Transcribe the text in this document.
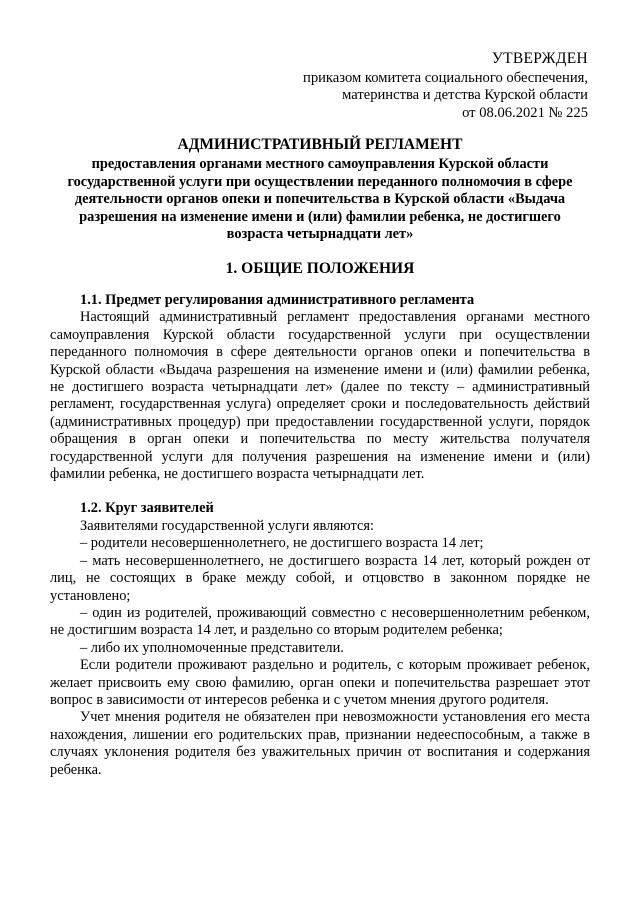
УТВЕРЖДЕН
приказом комитета социального обеспечения,
материнства и детства Курской области
от 08.06.2021 № 225
АДМИНИСТРАТИВНЫЙ РЕГЛАМЕНТ
предоставления органами местного самоуправления Курской области государственной услуги при осуществлении переданного полномочия в сфере деятельности органов опеки и попечительства в Курской области «Выдача разрешения на изменение имени и (или) фамилии ребенка, не достигшего возраста четырнадцати лет»
1. ОБЩИЕ ПОЛОЖЕНИЯ

1.1. Предмет регулирования административного регламента

Настоящий административный регламент предоставления органами местного самоуправления Курской области государственной услуги при осуществлении переданного полномочия в сфере деятельности органов опеки и попечительства в Курской области «Выдача разрешения на изменение имени и (или) фамилии ребенка, не достигшего возраста четырнадцати лет» (далее по тексту – административный регламент, государственная услуга) определяет сроки и последовательность действий (административных процедур) при предоставлении государственной услуги, порядок обращения в орган опеки и попечительства по месту жительства получателя государственной услуги для получения разрешения на изменение имени и (или) фамилии ребенка, не достигшего возраста четырнадцати лет.

1.2. Круг заявителей

Заявителями государственной услуги являются:

– родители несовершеннолетнего, не достигшего возраста 14 лет;

– мать несовершеннолетнего, не достигшего возраста 14 лет, который рожден от лиц, не состоящих в браке между собой, и отцовство в законном порядке не установлено;

– один из родителей, проживающий совместно с несовершеннолетним ребенком, не достигшим возраста 14 лет, и раздельно со вторым родителем ребенка;

– либо их уполномоченные представители.

Если родители проживают раздельно и родитель, с которым проживает ребенок, желает присвоить ему свою фамилию, орган опеки и попечительства разрешает этот вопрос в зависимости от интересов ребенка и с учетом мнения другого родителя.

Учет мнения родителя не обязателен при невозможности установления его места нахождения, лишении его родительских прав, признании недееспособным, а также в случаях уклонения родителя без уважительных причин от воспитания и содержания ребенка.
